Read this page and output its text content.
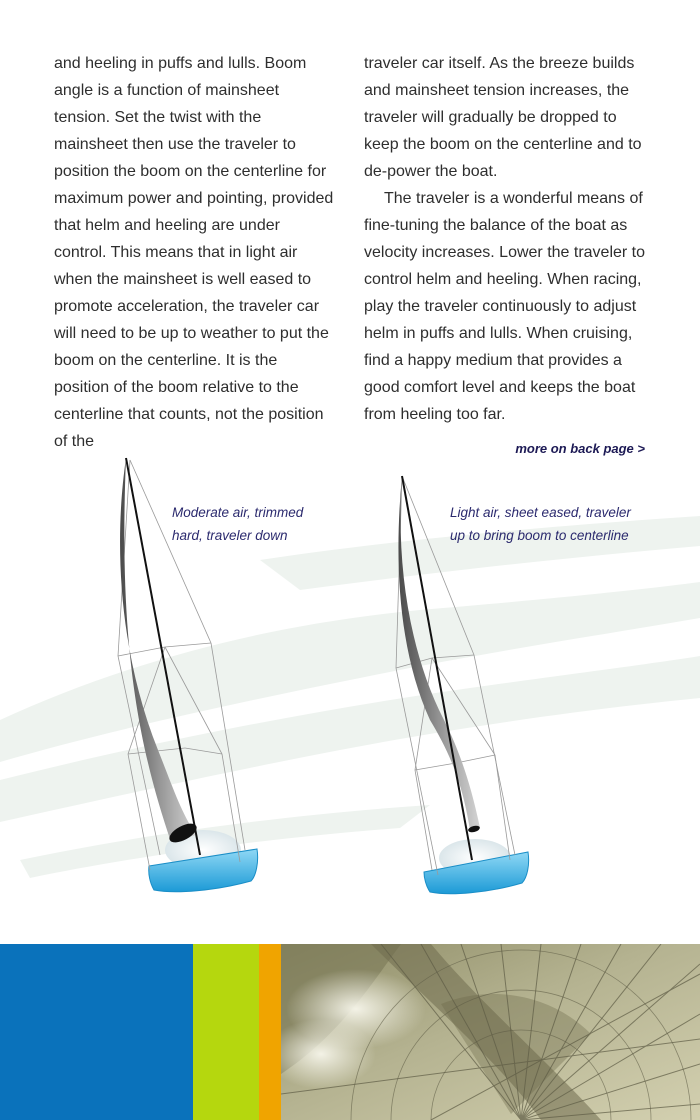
and heeling in puffs and lulls. Boom angle is a function of mainsheet tension. Set the twist with the mainsheet then use the traveler to position the boom on the centerline for maximum power and pointing, provided that helm and heeling are under control. This means that in light air when the mainsheet is well eased to promote acceleration, the traveler car will need to be up to weather to put the boom on the centerline. It is the position of the boom relative to the centerline that counts, not the position of the

traveler car itself. As the breeze builds and mainsheet tension increases, the traveler will gradually be dropped to keep the boom on the centerline and to de-power the boat.

The traveler is a wonderful means of fine-tuning the balance of the boat as velocity increases. Lower the traveler to control helm and heeling. When racing, play the traveler continuously to adjust helm in puffs and lulls. When cruising, find a happy medium that provides a good comfort level and keeps the boat from heeling too far.

more on back page >

Moderate air, trimmed
hard, traveler down

Light air, sheet eased, traveler
up to bring boom to centerline
